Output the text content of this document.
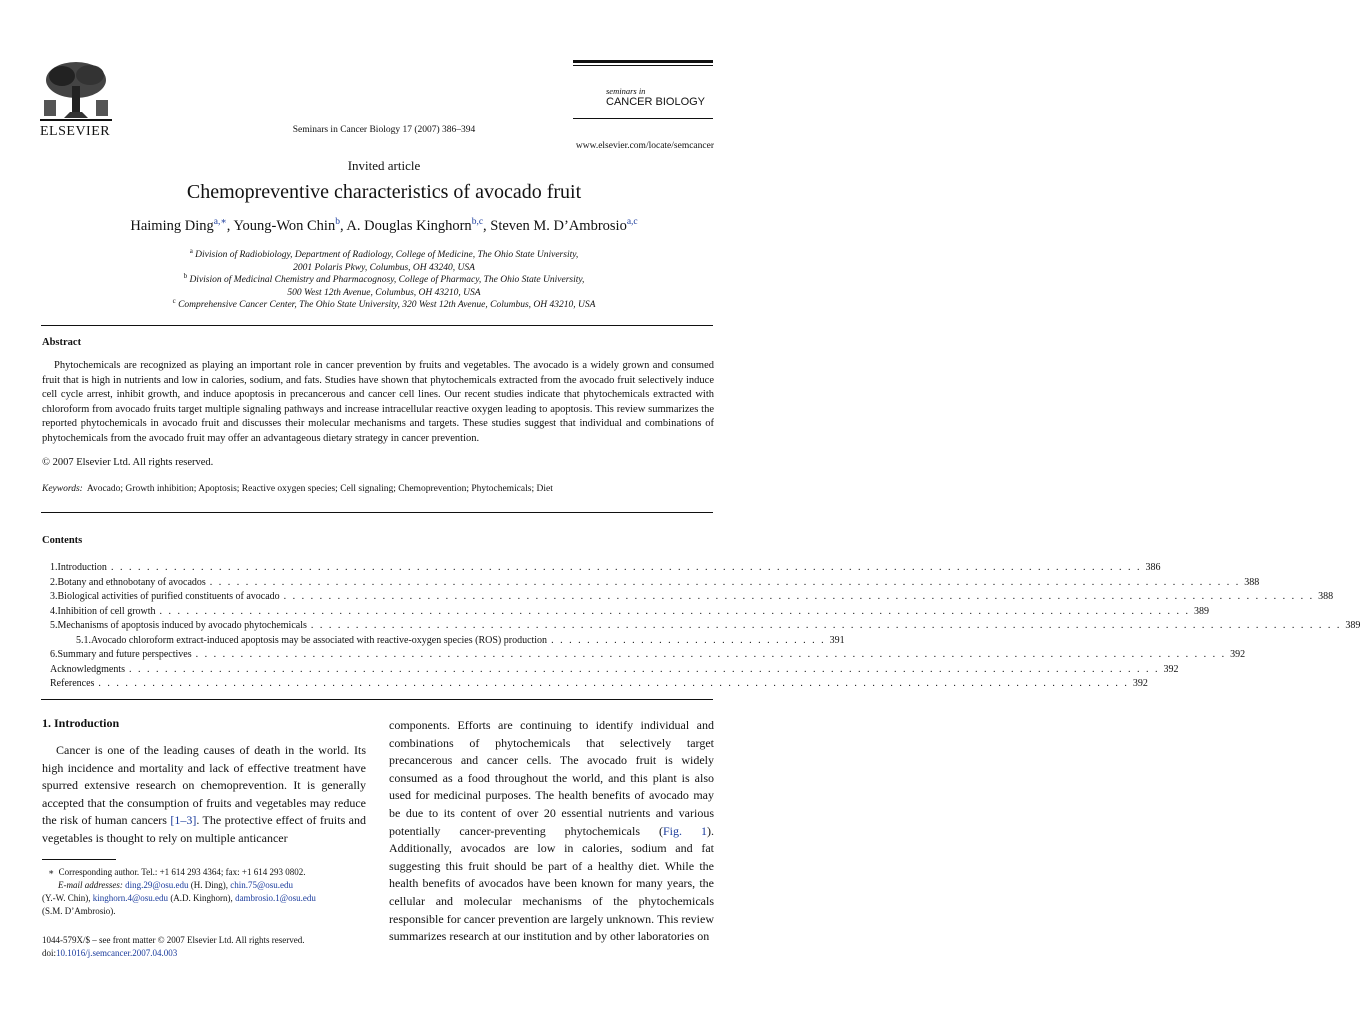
ELSEVIER	Seminars in Cancer Biology 17 (2007) 386–394
seminars in
CANCER BIOLOGY
www.elsevier.com/locate/semcancer
Invited article
Chemopreventive characteristics of avocado fruit
Haiming Ding$^{a,∗}$, Young-Won Chin$^b$, A. Douglas Kinghorn$^{b,c}$, Steven M. D’Ambrosio$^{a,c}$
$^a$ Division of Radiobiology, Department of Radiology, College of Medicine, The Ohio State University,
2001 Polaris Pkwy, Columbus, OH 43240, USA
$^b$ Division of Medicinal Chemistry and Pharmacognosy, College of Pharmacy, The Ohio State University,
500 West 12th Avenue, Columbus, OH 43210, USA
$^c$ Comprehensive Cancer Center, The Ohio State University, 320 West 12th Avenue, Columbus, OH 43210, USA
Abstract
Phytochemicals are recognized as playing an important role in cancer prevention by fruits and vegetables. The avocado is a widely grown and consumed fruit that is high in nutrients and low in calories, sodium, and fats. Studies have shown that phytochemicals extracted from the avocado fruit selectively induce cell cycle arrest, inhibit growth, and induce apoptosis in precancerous and cancer cell lines. Our recent studies indicate that phytochemicals extracted with chloroform from avocado fruits target multiple signaling pathways and increase intracellular reactive oxygen leading to apoptosis. This review summarizes the reported phytochemicals in avocado fruit and discusses their molecular mechanisms and targets. These studies suggest that individual and combinations of phytochemicals from the avocado fruit may offer an advantageous dietary strategy in cancer prevention.
© 2007 Elsevier Ltd. All rights reserved.
Keywords: Avocado; Growth inhibition; Apoptosis; Reactive oxygen species; Cell signaling; Chemoprevention; Phytochemicals; Diet
Contents
1. Introduction . . . . . . . . . . . . . . . . . . . . . . . . . . . . . . . . . . . . . . . . . . . . . . . . . . . . . . . . . . . . . . . . . . . . . . . . . . . . . . . . . . . . . . . . . . . . . . . . . . . . . . . . . . . . . . . . . . . 386
2. Botany and ethnobotany of avocados . . . . . . . . . . . . . . . . . . . . . . . . . . . . . . . . . . . . . . . . . . . . . . . . . . . . . . . . . . . . . . . . . . . . . . . . . . . . . . . . . . . . . . . . . . . . . . . . . . . . . . . . . . . . . . . . . . . 388
3. Biological activities of purified constituents of avocado . . . . . . . . . . . . . . . . . . . . . . . . . . . . . . . . . . . . . . . . . . . . . . . . . . . . . . . . . . . . . . . . . . . . . . . . . . . . . . . . . . . . . . . . . . . . . . . . . . . . . . . . . . . . . . . . . . . 388
4. Inhibition of cell growth . . . . . . . . . . . . . . . . . . . . . . . . . . . . . . . . . . . . . . . . . . . . . . . . . . . . . . . . . . . . . . . . . . . . . . . . . . . . . . . . . . . . . . . . . . . . . . . . . . . . . . . . . . . . . . . . . . . 389
5. Mechanisms of apoptosis induced by avocado phytochemicals . . . . . . . . . . . . . . . . . . . . . . . . . . . . . . . . . . . . . . . . . . . . . . . . . . . . . . . . . . . . . . . . . . . . . . . . . . . . . . . . . . . . . . . . . . . . . . . . . . . . . . . . . . . . . . . . . . . 389
5.1. Avocado chloroform extract-induced apoptosis may be associated with reactive-oxygen species (ROS) production . . . . . . . . . . . . . . . . . . . . . . . . . . . . . . . 391
6. Summary and future perspectives . . . . . . . . . . . . . . . . . . . . . . . . . . . . . . . . . . . . . . . . . . . . . . . . . . . . . . . . . . . . . . . . . . . . . . . . . . . . . . . . . . . . . . . . . . . . . . . . . . . . . . . . . . . . . . . . . . . 392
Acknowledgments . . . . . . . . . . . . . . . . . . . . . . . . . . . . . . . . . . . . . . . . . . . . . . . . . . . . . . . . . . . . . . . . . . . . . . . . . . . . . . . . . . . . . . . . . . . . . . . . . . . . . . . . . . . . . . . . . . . 392
References . . . . . . . . . . . . . . . . . . . . . . . . . . . . . . . . . . . . . . . . . . . . . . . . . . . . . . . . . . . . . . . . . . . . . . . . . . . . . . . . . . . . . . . . . . . . . . . . . . . . . . . . . . . . . . . . . . . 392
1. Introduction
Cancer is one of the leading causes of death in the world. Its high incidence and mortality and lack of effective treatment have spurred extensive research on chemoprevention. It is generally accepted that the consumption of fruits and vegetables may reduce the risk of human cancers [1–3]. The protective effect of fruits and vegetables is thought to rely on multiple anticancer
components. Efforts are continuing to identify individual and combinations of phytochemicals that selectively target precancerous and cancer cells. The avocado fruit is widely consumed as a food throughout the world, and this plant is also used for medicinal purposes. The health benefits of avocado may be due to its content of over 20 essential nutrients and various potentially cancer-preventing phytochemicals (Fig. 1). Additionally, avocados are low in calories, sodium and fat suggesting this fruit should be part of a healthy diet. While the health benefits of avocados have been known for many years, the cellular and molecular mechanisms of the phytochemicals responsible for cancer prevention are largely unknown. This review summarizes research at our institution and by other laboratories on
∗ Corresponding author. Tel.: +1 614 293 4364; fax: +1 614 293 0802.
E-mail addresses: ding.29@osu.edu (H. Ding), chin.75@osu.edu
(Y.-W. Chin), kinghorn.4@osu.edu (A.D. Kinghorn), dambrosio.1@osu.edu
(S.M. D’Ambrosio).
1044-579X/$ – see front matter © 2007 Elsevier Ltd. All rights reserved.
doi:10.1016/j.semcancer.2007.04.003
